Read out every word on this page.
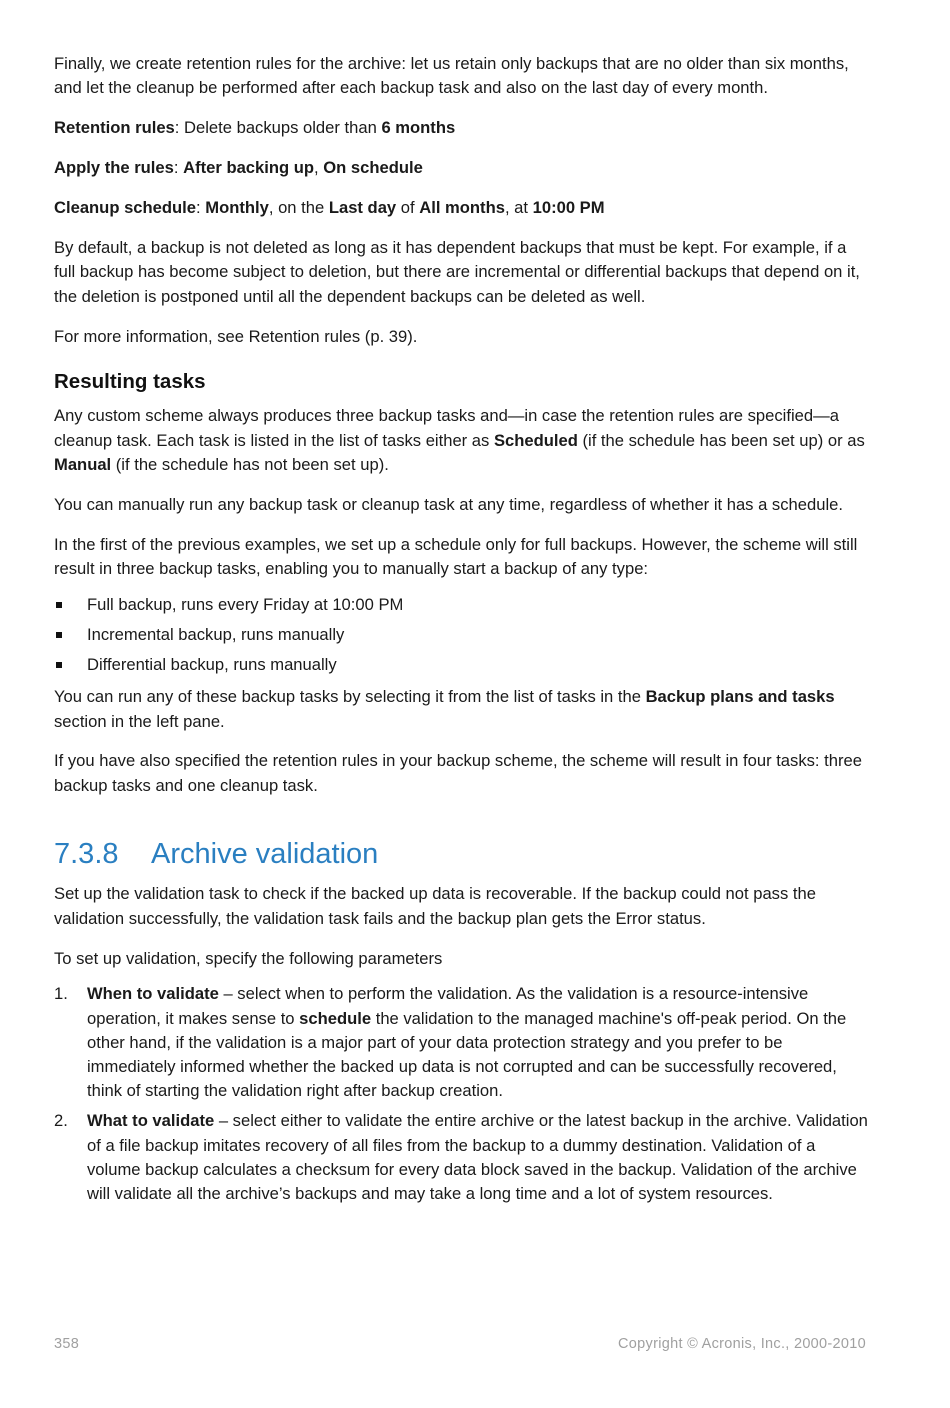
Finally, we create retention rules for the archive: let us retain only backups that are no older than six months, and let the cleanup be performed after each backup task and also on the last day of every month.

Retention rules: Delete backups older than 6 months

Apply the rules: After backing up, On schedule

Cleanup schedule: Monthly, on the Last day of All months, at 10:00 PM

By default, a backup is not deleted as long as it has dependent backups that must be kept. For example, if a full backup has become subject to deletion, but there are incremental or differential backups that depend on it, the deletion is postponed until all the dependent backups can be deleted as well.

For more information, see Retention rules (p. 39).

Resulting tasks

Any custom scheme always produces three backup tasks and—in case the retention rules are specified—a cleanup task. Each task is listed in the list of tasks either as Scheduled (if the schedule has been set up) or as Manual (if the schedule has not been set up).

You can manually run any backup task or cleanup task at any time, regardless of whether it has a schedule.

In the first of the previous examples, we set up a schedule only for full backups. However, the scheme will still result in three backup tasks, enabling you to manually start a backup of any type:

Full backup, runs every Friday at 10:00 PM
Incremental backup, runs manually
Differential backup, runs manually

You can run any of these backup tasks by selecting it from the list of tasks in the Backup plans and tasks section in the left pane.

If you have also specified the retention rules in your backup scheme, the scheme will result in four tasks: three backup tasks and one cleanup task.

7.3.8	Archive validation

Set up the validation task to check if the backed up data is recoverable. If the backup could not pass the validation successfully, the validation task fails and the backup plan gets the Error status.

To set up validation, specify the following parameters

1. When to validate – select when to perform the validation. As the validation is a resource-intensive operation, it makes sense to schedule the validation to the managed machine's off-peak period. On the other hand, if the validation is a major part of your data protection strategy and you prefer to be immediately informed whether the backed up data is not corrupted and can be successfully recovered, think of starting the validation right after backup creation.
2. What to validate – select either to validate the entire archive or the latest backup in the archive. Validation of a file backup imitates recovery of all files from the backup to a dummy destination. Validation of a volume backup calculates a checksum for every data block saved in the backup. Validation of the archive will validate all the archive’s backups and may take a long time and a lot of system resources.
358	Copyright © Acronis, Inc., 2000-2010
